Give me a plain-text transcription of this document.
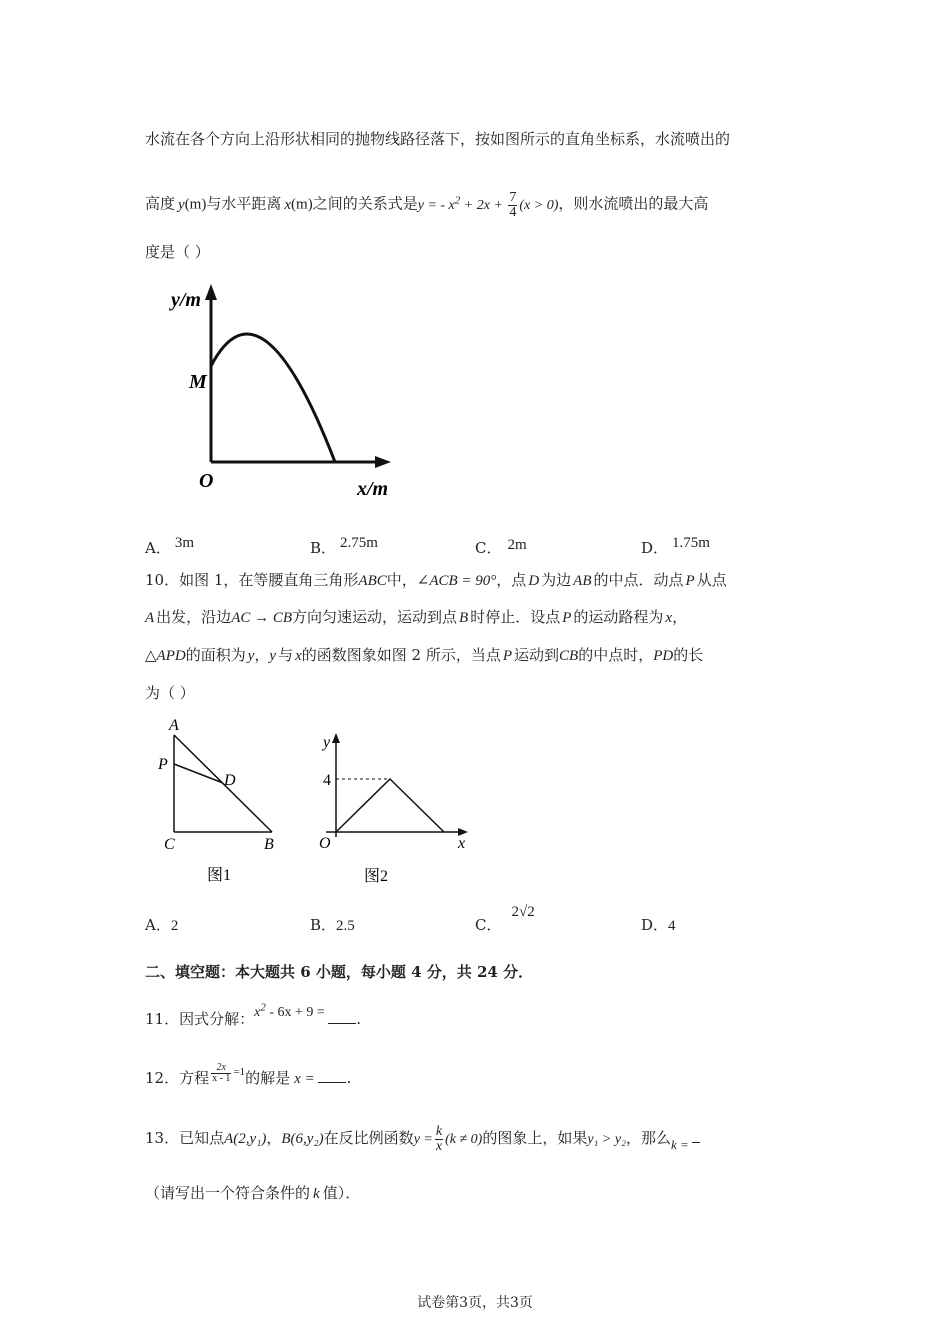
水流在各个方向上沿形状相同的抛物线路径落下，按如图所示的直角坐标系，水流喷出的
高度 y(m)与水平距离 x(m)之间的关系式是y = - $x^2 + 2x + \frac{7}{4} (x > 0)$，则水流喷出的最大高
度是（ ）
y/m
M
O	x/m
A． 3m	B． 2.75m	C． 2m	D． 1.75m
10．如图 1，在等腰直角三角形ABC中，∠ACB = 90°，点 D 为边 AB 的中点．动点 P 从点
A 出发，沿边AC → CB方向匀速运动，运动到点 B 时停止．设点 P 的运动路程为 x，
△APD的面积为 y，y 与 x的函数图象如图 2 所示，当点 P 运动到CB的中点时，PD的长
为（ ）
A
P
D
C	B
图1
y
4
O	x
图2
A．2	B．2.5	C．2√2
D．4
二、填空题：本大题共 6 小题，每小题 4 分，共 24 分．
11．因式分解：$x^2 - 6x + 9$ = .
12．方程 $\frac{2x}{x - 1} ^{=1}$的解是 x = .
13．已知点A(2,y₁)，B(6,y₂)在反比例函数$y = \frac{k}{x} (k \ne 0)$的图象上，如果y₁ > y₂，那么k =
（请写出一个符合条件的 k 值）．
试卷第3页，共3页
